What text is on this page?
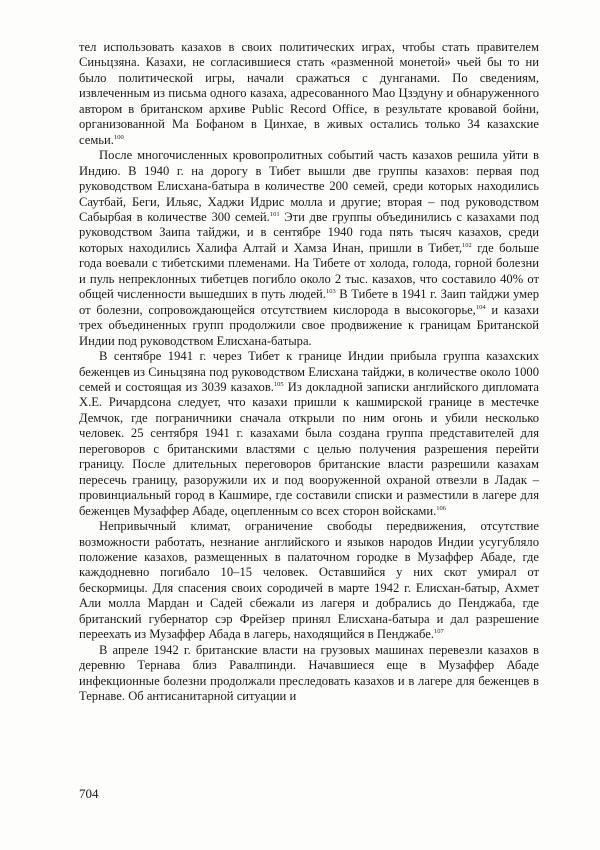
тел использовать казахов в своих политических играх, чтобы стать правителем Синьцзяна. Казахи, не согласившиеся стать «разменной монетой» чьей бы то ни было политической игры, начали сражаться с дунганами. По сведениям, извлеченным из письма одного казаха, адресованного Мао Цзэдуну и обнаруженного автором в британском архиве Public Record Office, в результате кровавой бойни, организованной Ма Бофаном в Цинхае, в живых остались только 34 казахские семьи.$^{100}$

После многочисленных кровопролитных событий часть казахов решила уйти в Индию. В 1940 г. на дорогу в Тибет вышли две группы казахов: первая под руководством Елисхана-батыра в количестве 200 семей, среди которых находились Саутбай, Беги, Ильяс, Хаджи Идрис молла и другие; вторая – под руководством Сабырбая в количестве 300 семей.$^{101}$ Эти две группы объединились с казахами под руководством Заипа тайджи, и в сентябре 1940 года пять тысяч казахов, среди которых находились Халифа Алтай и Хамза Инан, пришли в Тибет,$^{102}$ где больше года воевали с тибетскими племенами. На Тибете от холода, голода, горной болезни и пуль непреклонных тибетцев погибло около 2 тыс. казахов, что составило 40% от общей численности вышедших в путь людей.$^{103}$ В Тибете в 1941 г. Заип тайджи умер от болезни, сопровождающейся отсутствием кислорода в высокогорье,$^{104}$ и казахи трех объединенных групп продолжили свое продвижение к границам Британской Индии под руководством Елисхана-батыра.

В сентябре 1941 г. через Тибет к границе Индии прибыла группа казахских беженцев из Синьцзяна под руководством Елисхана тайджи, в количестве около 1000 семей и состоящая из 3039 казахов.$^{105}$ Из докладной записки английского дипломата Х.Е. Ричардсона следует, что казахи пришли к кашмирской границе в местечке Демчок, где пограничники сначала открыли по ним огонь и убили несколько человек. 25 сентября 1941 г. казахами была создана группа представителей для переговоров с британскими властями с целью получения разрешения перейти границу. После длительных переговоров британские власти разрешили казахам пересечь границу, разоружили их и под вооруженной охраной отвезли в Ладак – провинциальный город в Кашмире, где составили списки и разместили в лагере для беженцев Музаффер Абаде, оцепленным со всех сторон войсками.$^{106}$

Непривычный климат, ограничение свободы передвижения, отсутствие возможности работать, незнание английского и языков народов Индии усугубляло положение казахов, размещенных в палаточном городке в Музаффер Абаде, где каждодневно погибало 10–15 человек. Оставшийся у них скот умирал от бескормицы. Для спасения своих сородичей в марте 1942 г. Елисхан-батыр, Ахмет Али молла Мардан и Садей сбежали из лагеря и добрались до Пенджаба, где британский губернатор сэр Фрейзер принял Елисхана-батыра и дал разрешение переехать из Музаффер Абада в лагерь, находящийся в Пенджабе.$^{107}$

В апреле 1942 г. британские власти на грузовых машинах перевезли казахов в деревню Тернава близ Равалпинди. Начавшиеся еще в Музаффер Абаде инфекционные болезни продолжали преследовать казахов и в лагере для беженцев в Тернаве. Об антисанитарной ситуации и

704
